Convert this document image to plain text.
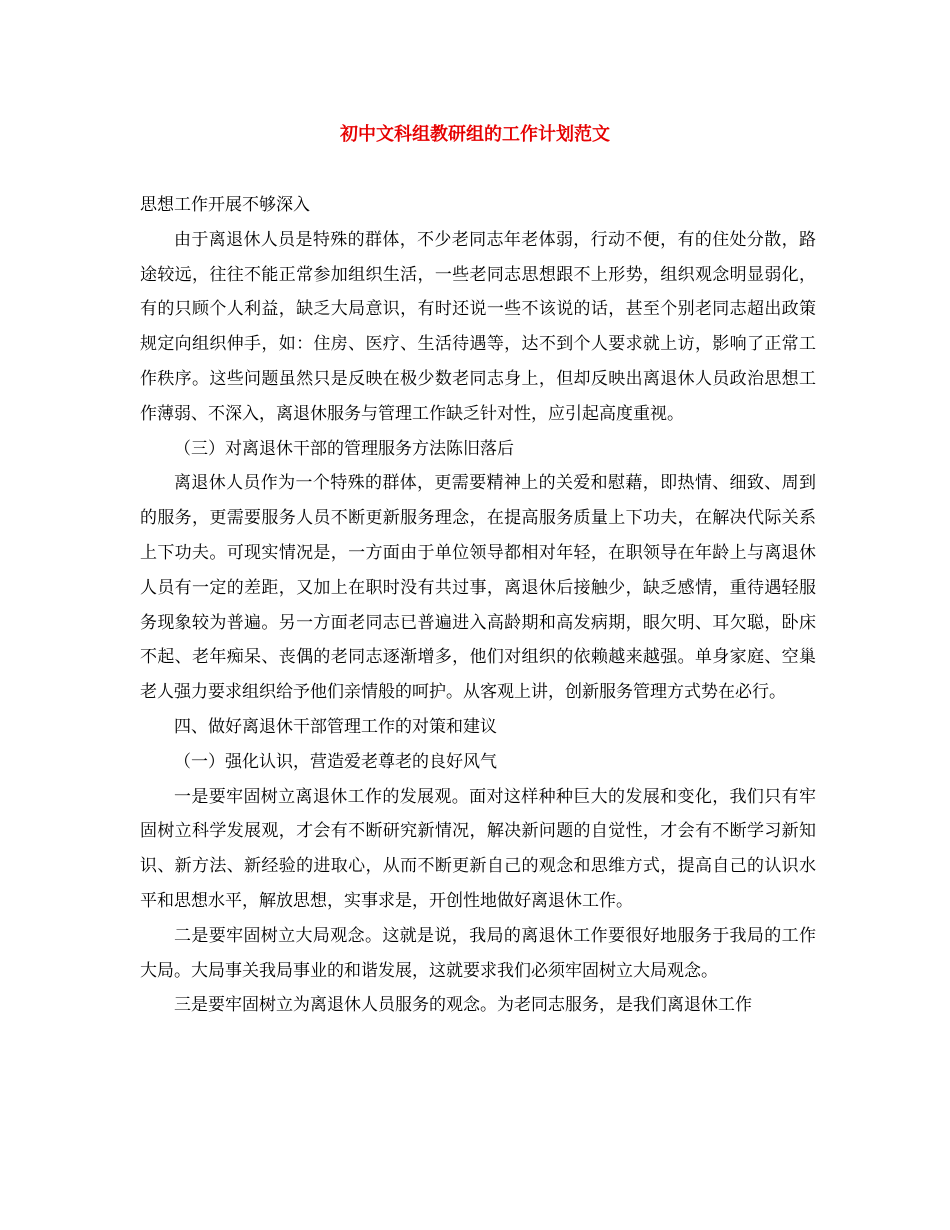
初中文科组教研组的工作计划范文

思想工作开展不够深入

由于离退休人员是特殊的群体，不少老同志年老体弱，行动不便，有的住处分散，路途较远，往往不能正常参加组织生活，一些老同志思想跟不上形势，组织观念明显弱化，有的只顾个人利益，缺乏大局意识，有时还说一些不该说的话，甚至个别老同志超出政策规定向组织伸手，如：住房、医疗、生活待遇等，达不到个人要求就上访，影响了正常工作秩序。这些问题虽然只是反映在极少数老同志身上，但却反映出离退休人员政治思想工作薄弱、不深入，离退休服务与管理工作缺乏针对性，应引起高度重视。

（三）对离退休干部的管理服务方法陈旧落后

离退休人员作为一个特殊的群体，更需要精神上的关爱和慰藉，即热情、细致、周到的服务，更需要服务人员不断更新服务理念，在提高服务质量上下功夫，在解决代际关系上下功夫。可现实情况是，一方面由于单位领导都相对年轻，在职领导在年龄上与离退休人员有一定的差距，又加上在职时没有共过事，离退休后接触少，缺乏感情，重待遇轻服务现象较为普遍。另一方面老同志已普遍进入高龄期和高发病期，眼欠明、耳欠聪，卧床不起、老年痴呆、丧偶的老同志逐渐增多，他们对组织的依赖越来越强。单身家庭、空巢老人强力要求组织给予他们亲情般的呵护。从客观上讲，创新服务管理方式势在必行。

四、做好离退休干部管理工作的对策和建议

（一）强化认识，营造爱老尊老的良好风气

一是要牢固树立离退休工作的发展观。面对这样种种巨大的发展和变化，我们只有牢固树立科学发展观，才会有不断研究新情况，解决新问题的自觉性，才会有不断学习新知识、新方法、新经验的进取心，从而不断更新自己的观念和思维方式，提高自己的认识水平和思想水平，解放思想，实事求是，开创性地做好离退休工作。

二是要牢固树立大局观念。这就是说，我局的离退休工作要很好地服务于我局的工作大局。大局事关我局事业的和谐发展，这就要求我们必须牢固树立大局观念。

三是要牢固树立为离退休人员服务的观念。为老同志服务，是我们离退休工作
